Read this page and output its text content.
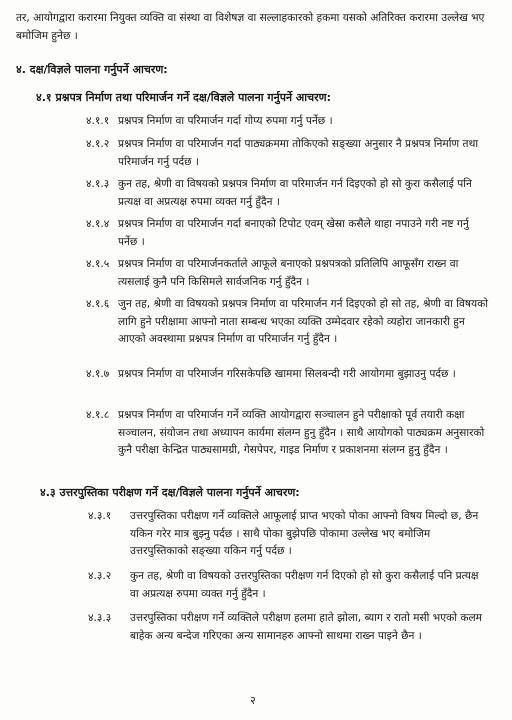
तर, आयोगद्वारा करारमा नियुक्त व्यक्ति वा संस्था वा विशेषज्ञ वा सल्लाहकारको हकमा यसको अतिरिक्त करारमा उल्लेख भए बमोजिम हुनेछ ।

४. दक्ष/विज्ञले पालना गर्नुपर्ने आचरण:

४.१ प्रश्नपत्र निर्माण तथा परिमार्जन गर्ने दक्ष/विज्ञले पालना गर्नुपर्ने आचरण:

४.१.१ प्रश्नपत्र निर्माण वा परिमार्जन गर्दा गोप्य रुपमा गर्नु पर्नेछ ।

४.१.२ प्रश्नपत्र निर्माण वा परिमार्जन गर्दा पाठ्यक्रममा तोकिएको सङ्ख्या अनुसार नै प्रश्नपत्र निर्माण तथा परिमार्जन गर्नु पर्दछ ।

४.१.३ कुन तह, श्रेणी वा विषयको प्रश्नपत्र निर्माण वा परिमार्जन गर्न दिइएको हो सो कुरा कसैलाई पनि प्रत्यक्ष वा अप्रत्यक्ष रुपमा व्यक्त गर्नु हुँदैन ।

४.१.४ प्रश्नपत्र निर्माण वा परिमार्जन गर्दा बनाएको टिपोट एवम् खेस्रा कसैले थाहा नपाउने गरी नष्ट गर्नु पर्नेछ ।

४.१.५ प्रश्नपत्र निर्माण वा परिमार्जनकर्ताले आफूले बनाएको प्रश्नपत्रको प्रतिलिपि आफूसँग राख्न वा त्यसलाई कुनै पनि किसिमले सार्वजनिक गर्नु हुँदैन ।

४.१.६ जुन तह, श्रेणी वा विषयको प्रश्नपत्र निर्माण वा परिमार्जन गर्न दिइएको हो सो तह, श्रेणी वा विषयको लागि हुने परीक्षामा आफ्नो नाता सम्बन्ध भएका व्यक्ति उम्मेदवार रहेको व्यहोरा जानकारी हुन आएको अवस्थामा प्रश्नपत्र निर्माण वा परिमार्जन गर्नु हुँदैन ।

४.१.७ प्रश्नपत्र निर्माण वा परिमार्जन गरिसकेपछि खाममा सिलबन्दी गरी आयोगमा बुझाउनु पर्दछ ।

४.१.८ प्रश्नपत्र निर्माण वा परिमार्जन गर्ने व्यक्ति आयोगद्वारा सञ्चालन हुने परीक्षाको पूर्व तयारी कक्षा सञ्चालन, संयोजन तथा अध्यापन कार्यमा संलग्न हुनु हुँदैन । साथै आयोगको पाठ्यक्रम अनुसारको कुनै परीक्षा केन्द्रित पाठ्यसामग्री, गेसपेपर, गाइड निर्माण र प्रकाशनमा संलग्न हुनु हुँदैन ।

४.३ उत्तरपुस्तिका परीक्षण गर्ने दक्ष/विज्ञले पालना गर्नुपर्ने आचरण:

४.३.१ उत्तरपुस्तिका परीक्षण गर्ने व्यक्तिले आफूलाई प्राप्त भएको पोका आफ्नो विषय मिल्दो छ, छैन यकिन गरेर मात्र बुझ्नु पर्दछ । साथै पोका बुझेपछि पोकामा उल्लेख भए बमोजिम उत्तरपुस्तिकाको सङ्ख्या यकिन गर्नु पर्दछ ।

४.३.२ कुन तह, श्रेणी वा विषयको उत्तरपुस्तिका परीक्षण गर्न दिएको हो सो कुरा कसैलाई पनि प्रत्यक्ष वा अप्रत्यक्ष रुपमा व्यक्त गर्नु हुँदैन ।

४.३.३ उत्तरपुस्तिका परीक्षण गर्ने व्यक्तिले परीक्षण हलमा हाते झोला, ब्याग र रातो मसी भएको कलम बाहेक अन्य बन्देज गरिएका अन्य सामानहरु आफ्नो साथमा राख्न पाइने छैन ।

२
